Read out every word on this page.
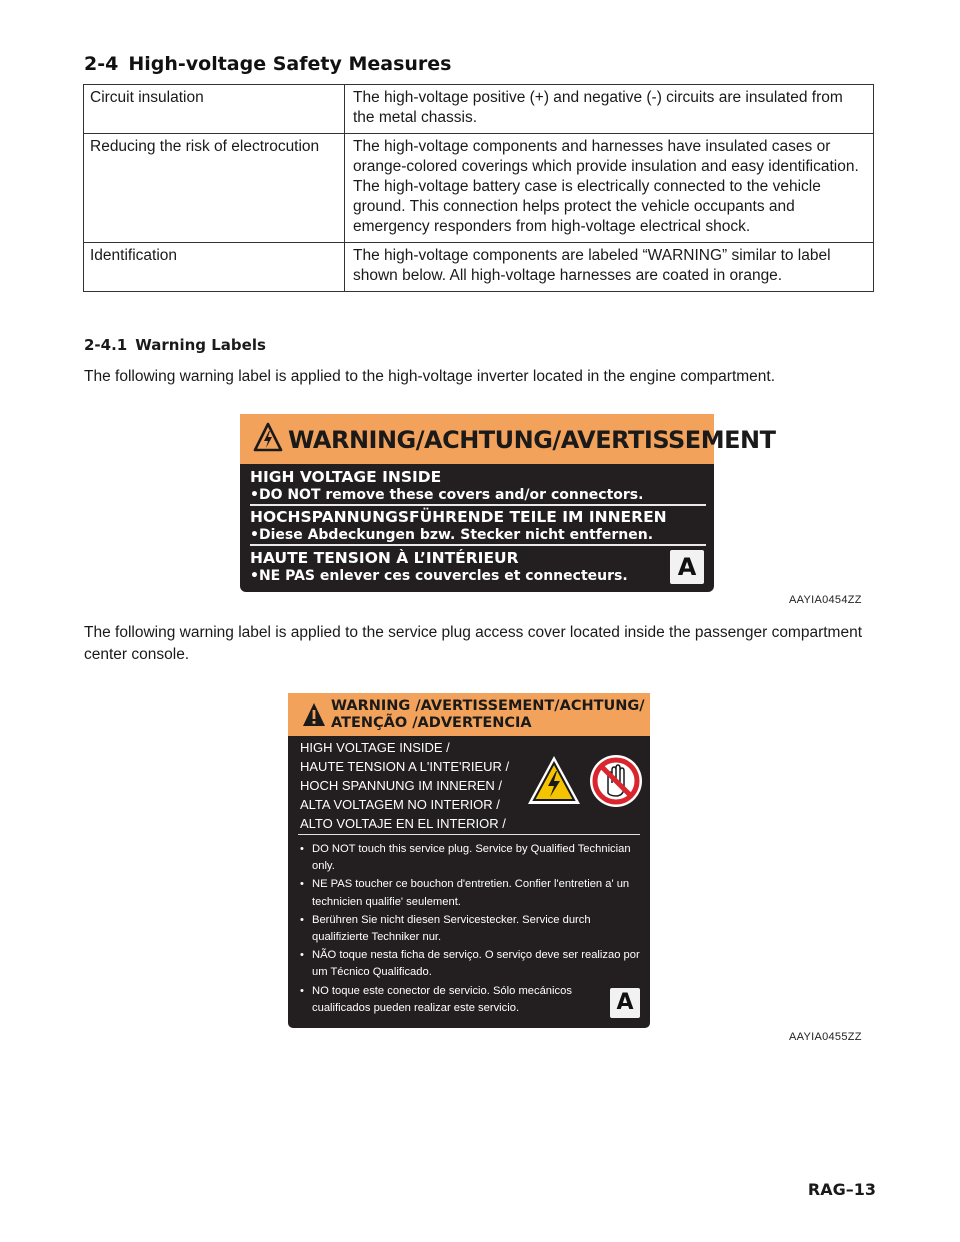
2-4 High-voltage Safety Measures
Circuit insulation	The high-voltage positive (+) and negative (-) circuits are insulated from the metal chassis.

Reducing the risk of electrocution	The high-voltage components and harnesses have insulated cases or orange-colored coverings which provide insulation and easy identification.

The high-voltage battery case is electrically connected to the vehicle ground. This connection helps protect the vehicle occupants and emergency responders from high-voltage electrical shock.

Identification	The high-voltage components are labeled “WARNING” similar to label shown below. All high-voltage harnesses are coated in orange.

2-4.1 Warning Labels

The following warning label is applied to the high-voltage inverter located in the engine compartment.

WARNING/ACHTUNG/AVERTISSEMENT
HIGH VOLTAGE INSIDE
•DO NOT remove these covers and/or connectors.
HOCHSPANNUNGSFÜHRENDE TEILE IM INNEREN
•Diese Abdeckungen bzw. Stecker nicht entfernen.
HAUTE TENSION À L’INTÉRIEUR
•NE PAS enlever ces couvercles et connecteurs.	A
AAYIA0454ZZ

The following warning label is applied to the service plug access cover located inside the passenger compartment center console.

WARNING /AVERTISSEMENT/ACHTUNG/
ATENÇÃO /ADVERTENCIA
HIGH VOLTAGE INSIDE /
HAUTE TENSION A L'INTE'RIEUR /
HOCH SPANNUNG IM INNEREN /
ALTA VOLTAGEM NO INTERIOR /
ALTO VOLTAJE EN EL INTERIOR /
• DO NOT touch this service plug. Service by Qualified Technician only.
• NE PAS toucher ce bouchon d'entretien. Confier l'entretien a' un technicien qualifie' seulement.
• Berühren Sie nicht diesen Servicestecker. Service durch qualifizierte Techniker nur.
• NÃO toque nesta ficha de serviço. O serviço deve ser realizao por um Técnico Qualificado.
• NO toque este conector de servicio. Sólo mecánicos cualificados pueden realizar este servicio.	A
AAYIA0455ZZ
RAG–13
